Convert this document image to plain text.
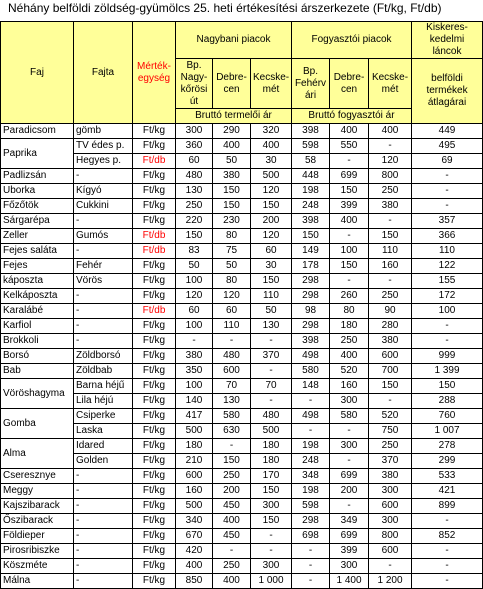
Néhány belföldi zöldség-gyümölcs 25. heti értékesítési árszerkezete (Ft/kg, Ft/db)
Faj	Fajta	Mérték-egység	Nagybani piacok			Fogyasztói piacok			Kiskeres-kedelmi láncok
			Bp. Nagy-kőrösi út	Debre-cen	Kecske-mét	Bp. Fehérv ári	Debre-cen	Kecske-mét	belföldi termékek átlagárai
			Bruttó termelői ár			Bruttó fogyasztói ár			
Paradicsom	gömb	Ft/kg	300	290	320	398	400	400	449
Paprika	TV édes p.	Ft/kg	360	400	400	598	550	-	495
	Hegyes p.	Ft/db	60	50	30	58	-	120	69
Padlizsán	-	Ft/kg	480	380	500	448	699	800	-
Uborka	Kígyó	Ft/kg	130	150	120	198	150	250	-
Főzőtök	Cukkini	Ft/kg	250	150	150	248	399	380	-
Sárgarépa	-	Ft/kg	220	230	200	398	400	-	357
Zeller	Gumós	Ft/db	150	80	120	150	-	150	366
Fejes saláta	-	Ft/db	83	75	60	149	100	110	110
Fejes	Fehér	Ft/kg	50	50	30	178	150	160	122
káposzta	Vörös	Ft/kg	100	80	150	298	-	-	155
Kelkáposzta	-	Ft/kg	120	120	110	298	260	250	172
Karalábé	-	Ft/db	60	60	50	98	80	90	100
Karfiol	-	Ft/kg	100	110	130	298	180	280	-
Brokkoli	-	Ft/kg	-	-	-	398	250	380	-
Borsó	Zöldborsó	Ft/kg	380	480	370	498	400	600	999
Bab	Zöldbab	Ft/kg	350	600	-	580	520	700	1 399
Vöröshagyma	Barna héjű	Ft/kg	100	70	70	148	160	150	150
	Lila héjú	Ft/kg	140	130	-	-	300	-	288
Gomba	Csiperke	Ft/kg	417	580	480	498	580	520	760
	Laska	Ft/kg	500	630	500	-	-	750	1 007
Alma	Idared	Ft/kg	180	-	180	198	300	250	278
	Golden	Ft/kg	210	150	180	248	-	370	299
Cseresznye	-	Ft/kg	600	250	170	348	699	380	533
Meggy	-	Ft/kg	160	200	150	198	200	300	421
Kajszibarack	-	Ft/kg	500	450	300	598	-	600	899
Őszibarack	-	Ft/kg	340	400	150	298	349	300	-
Földieper	-	Ft/kg	670	450	-	698	699	800	852
Pirosribiszke	-	Ft/kg	420	-	-	-	399	600	-
Köszméte	-	Ft/kg	400	250	300	-	300	-	-
Málna	-	Ft/kg	850	400	1 000	-	1 400	1 200	-
